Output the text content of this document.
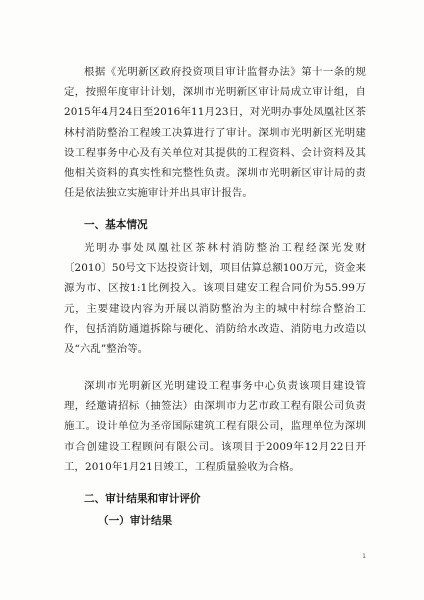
根据《光明新区政府投资项目审计监督办法》第十一条的规定，按照年度审计计划，深圳市光明新区审计局成立审计组，自2015年4月24日至2016年11月23日，对光明办事处凤凰社区茶林村消防整治工程竣工决算进行了审计。深圳市光明新区光明建设工程事务中心及有关单位对其提供的工程资料、会计资料及其他相关资料的真实性和完整性负责。深圳市光明新区审计局的责任是依法独立实施审计并出具审计报告。

一、基本情况

光明办事处凤凰社区茶林村消防整治工程经深光发财〔2010〕50号文下达投资计划，项目估算总额100万元，资金来源为市、区按1:1比例投入。该项目建安工程合同价为55.99万元，主要建设内容为开展以消防整治为主的城中村综合整治工作，包括消防通道拆除与硬化、消防给水改造、消防电力改造以及“六乱”整治等。

深圳市光明新区光明建设工程事务中心负责该项目建设管理，经邀请招标（抽签法）由深圳市力艺市政工程有限公司负责施工。设计单位为圣帝国际建筑工程有限公司，监理单位为深圳市合创建设工程顾问有限公司。该项目于2009年12月22日开工，2010年1月21日竣工，工程质量验收为合格。

二、审计结果和审计评价

（一）审计结果

1
